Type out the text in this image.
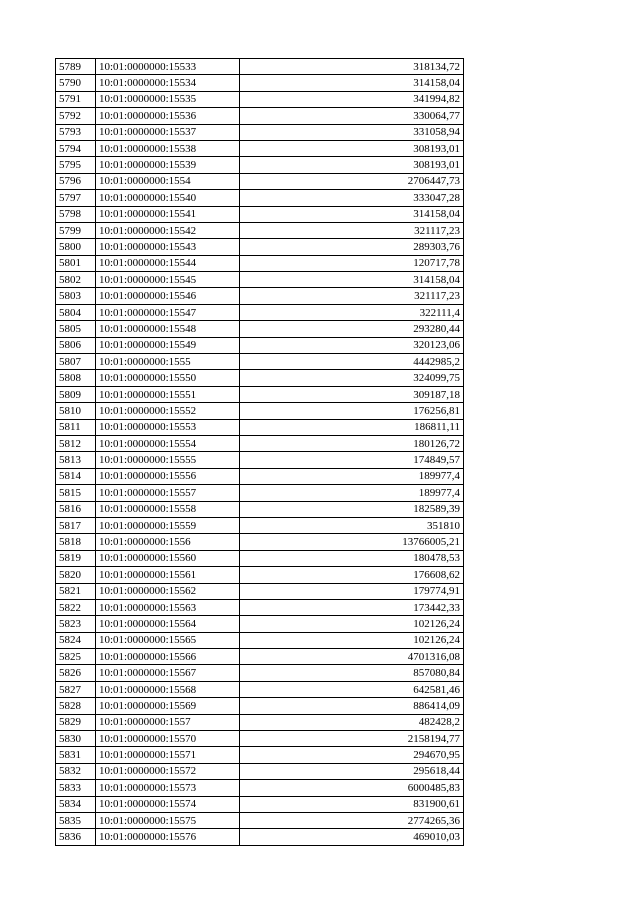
5789	10:01:0000000:15533	318134,72
5790	10:01:0000000:15534	314158,04
5791	10:01:0000000:15535	341994,82
5792	10:01:0000000:15536	330064,77
5793	10:01:0000000:15537	331058,94
5794	10:01:0000000:15538	308193,01
5795	10:01:0000000:15539	308193,01
5796	10:01:0000000:1554	2706447,73
5797	10:01:0000000:15540	333047,28
5798	10:01:0000000:15541	314158,04
5799	10:01:0000000:15542	321117,23
5800	10:01:0000000:15543	289303,76
5801	10:01:0000000:15544	120717,78
5802	10:01:0000000:15545	314158,04
5803	10:01:0000000:15546	321117,23
5804	10:01:0000000:15547	322111,4
5805	10:01:0000000:15548	293280,44
5806	10:01:0000000:15549	320123,06
5807	10:01:0000000:1555	4442985,2
5808	10:01:0000000:15550	324099,75
5809	10:01:0000000:15551	309187,18
5810	10:01:0000000:15552	176256,81
5811	10:01:0000000:15553	186811,11
5812	10:01:0000000:15554	180126,72
5813	10:01:0000000:15555	174849,57
5814	10:01:0000000:15556	189977,4
5815	10:01:0000000:15557	189977,4
5816	10:01:0000000:15558	182589,39
5817	10:01:0000000:15559	351810
5818	10:01:0000000:1556	13766005,21
5819	10:01:0000000:15560	180478,53
5820	10:01:0000000:15561	176608,62
5821	10:01:0000000:15562	179774,91
5822	10:01:0000000:15563	173442,33
5823	10:01:0000000:15564	102126,24
5824	10:01:0000000:15565	102126,24
5825	10:01:0000000:15566	4701316,08
5826	10:01:0000000:15567	857080,84
5827	10:01:0000000:15568	642581,46
5828	10:01:0000000:15569	886414,09
5829	10:01:0000000:1557	482428,2
5830	10:01:0000000:15570	2158194,77
5831	10:01:0000000:15571	294670,95
5832	10:01:0000000:15572	295618,44
5833	10:01:0000000:15573	6000485,83
5834	10:01:0000000:15574	831900,61
5835	10:01:0000000:15575	2774265,36
5836	10:01:0000000:15576	469010,03
